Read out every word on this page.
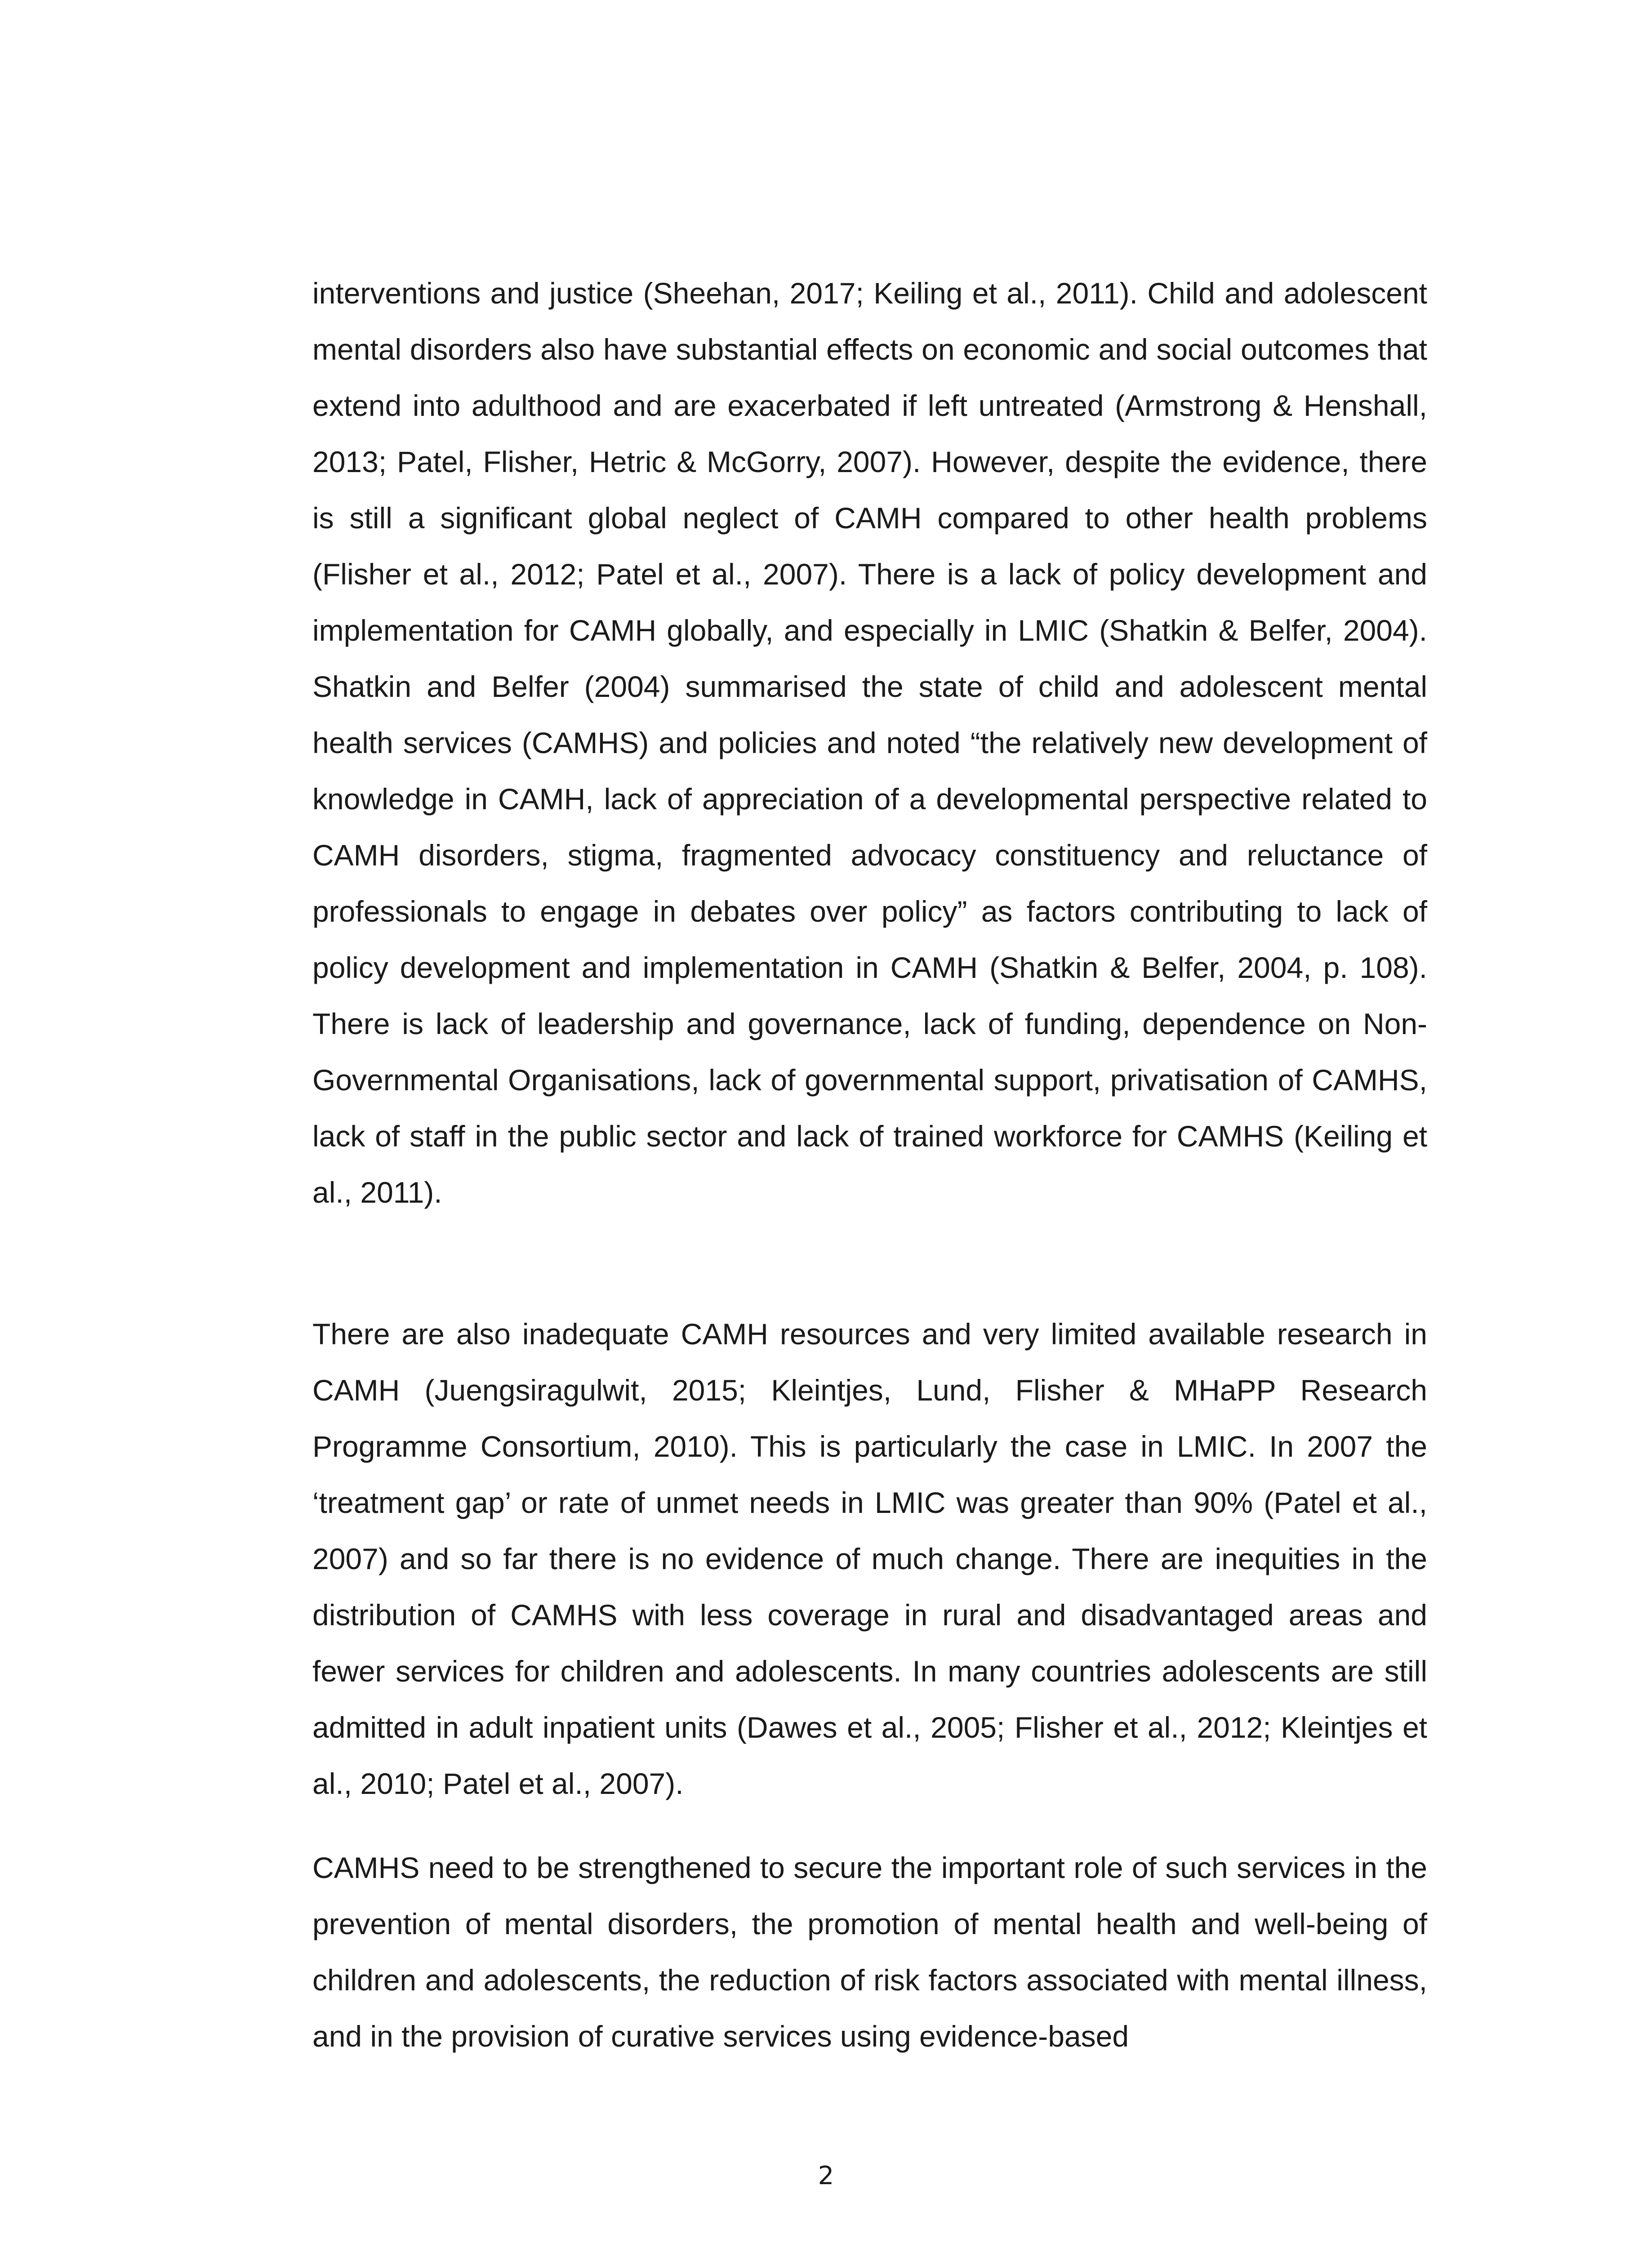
interventions and justice (Sheehan, 2017; Keiling et al., 2011). Child and adolescent mental disorders also have substantial effects on economic and social outcomes that extend into adulthood and are exacerbated if left untreated (Armstrong & Henshall, 2013; Patel, Flisher, Hetric & McGorry, 2007). However, despite the evidence, there is still a significant global neglect of CAMH compared to other health problems (Flisher et al., 2012; Patel et al., 2007). There is a lack of policy development and implementation for CAMH globally, and especially in LMIC (Shatkin & Belfer, 2004). Shatkin and Belfer (2004) summarised the state of child and adolescent mental health services (CAMHS) and policies and noted “the relatively new development of knowledge in CAMH, lack of appreciation of a developmental perspective related to CAMH disorders, stigma, fragmented advocacy constituency and reluctance of professionals to engage in debates over policy” as factors contributing to lack of policy development and implementation in CAMH (Shatkin & Belfer, 2004, p. 108). There is lack of leadership and governance, lack of funding, dependence on Non-Governmental Organisations, lack of governmental support, privatisation of CAMHS, lack of staff in the public sector and lack of trained workforce for CAMHS (Keiling et al., 2011).

There are also inadequate CAMH resources and very limited available research in CAMH (Juengsiragulwit, 2015; Kleintjes, Lund, Flisher & MHaPP Research Programme Consortium, 2010). This is particularly the case in LMIC. In 2007 the ‘treatment gap’ or rate of unmet needs in LMIC was greater than 90% (Patel et al., 2007) and so far there is no evidence of much change. There are inequities in the distribution of CAMHS with less coverage in rural and disadvantaged areas and fewer services for children and adolescents. In many countries adolescents are still admitted in adult inpatient units (Dawes et al., 2005; Flisher et al., 2012; Kleintjes et al., 2010; Patel et al., 2007).

CAMHS need to be strengthened to secure the important role of such services in the prevention of mental disorders, the promotion of mental health and well-being of children and adolescents, the reduction of risk factors associated with mental illness, and in the provision of curative services using evidence-based

2
